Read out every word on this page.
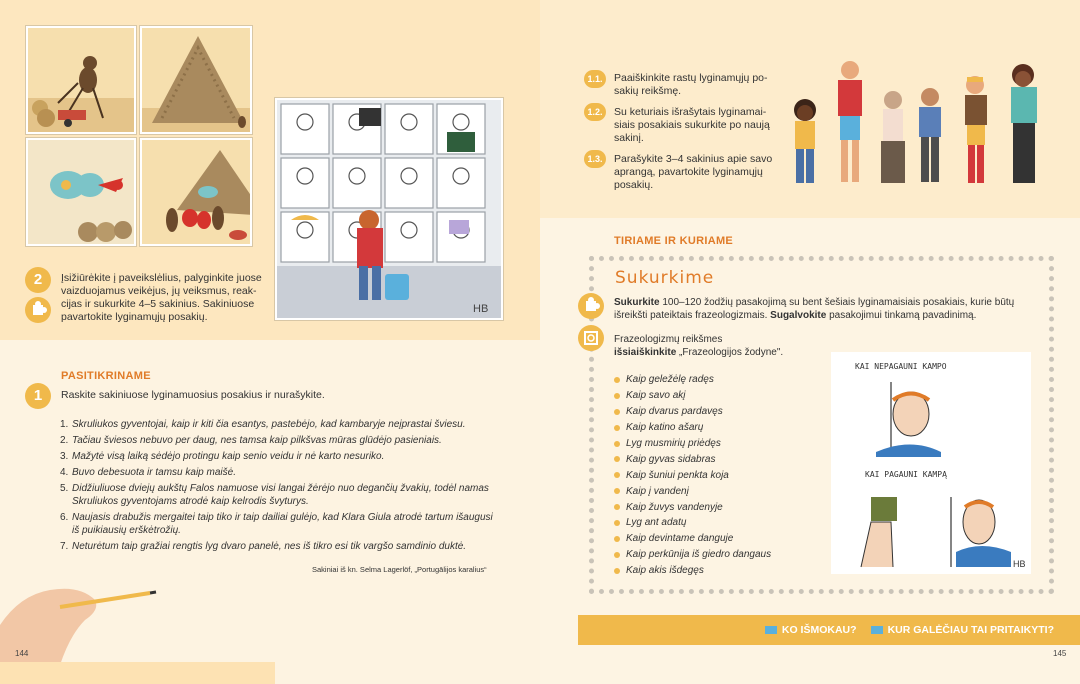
HB
2	Įsižiūrėkite į paveikslėlius, palyginkite juose
vaizduojamus veikėjus, jų veiksmus, reak-
cijas ir sukurkite 4–5 sakinius. Sakiniuose
pavartokite lyginamųjų posakių.
PASITIKRINAME
1	Raskite sakiniuose lyginamuosius posakius ir nurašykite.
1. Skruliukos gyventojai, kaip ir kiti čia esantys, pastebėjo, kad kambaryje neįprastai šviesu.
2. Tačiau šviesos nebuvo per daug, nes tamsa kaip pilkšvas mūras glūdėjo pasieniais.
3. Mažytė visą laiką sėdėjo protingu kaip senio veidu ir nė karto nesuriko.
4. Buvo debesuota ir tamsu kaip maišė.
5. Didžiuliuose dviejų aukštų Falos namuose visi langai žėrėjo nuo degančių žvakių, todėl namas
Skruliukos gyventojams atrodė kaip kelrodis švyturys.
6. Naujasis drabužis mergaitei taip tiko ir taip dailiai gulėjo, kad Klara Giula atrodė tartum išaugusi
iš puikiausių erškėtrožių.
7. Neturėtum taip gražiai rengtis lyg dvaro panelė, nes iš tikro esi tik vargšo samdinio duktė.
Sakiniai iš kn. Selma Lagerlöf, „Portugālijos karalius“
144
1.1.	Paaiškinkite rastų lyginamųjų po-
sakių reikšmę.
1.2.	Su keturiais išrašytais lyginamai-
siais posakiais sukurkite po naują
sakinį.
1.3.	Parašykite 3–4 sakinius apie savo
aprangą, pavartokite lyginamųjų
posakių.
TIRIAME IR KURIAME
Sukurkime
Sukurkite 100–120 žodžių pasakojimą su bent šešiais lyginamaisiais posakiais, kurie būtų
išreikšti pateiktais frazeologizmais. Sugalvokite pasakojimui tinkamą pavadinimą.
Frazeologizmų reikšmes
išsiaiškinkite „Frazeologijos žodyne".
Kaip geležėlę radęs
Kaip savo akį
Kaip dvarus pardavęs
Kaip katino ašarų
Lyg musmirių priėdęs
Kaip gyvas sidabras
Kaip šuniui penkta koja
Kaip į vandenį
Kaip žuvys vandenyje
Lyg ant adatų
Kaip devintame danguje
Kaip perkūnija iš giedro dangaus
Kaip akis išdegęs
KAI NEPAGAUNI KAMPO
HB
KAI PAGAUNI KAMPĄ
KO IŠMOKAU?	KUR GALĖČIAU TAI PRITAIKYTI?
145
